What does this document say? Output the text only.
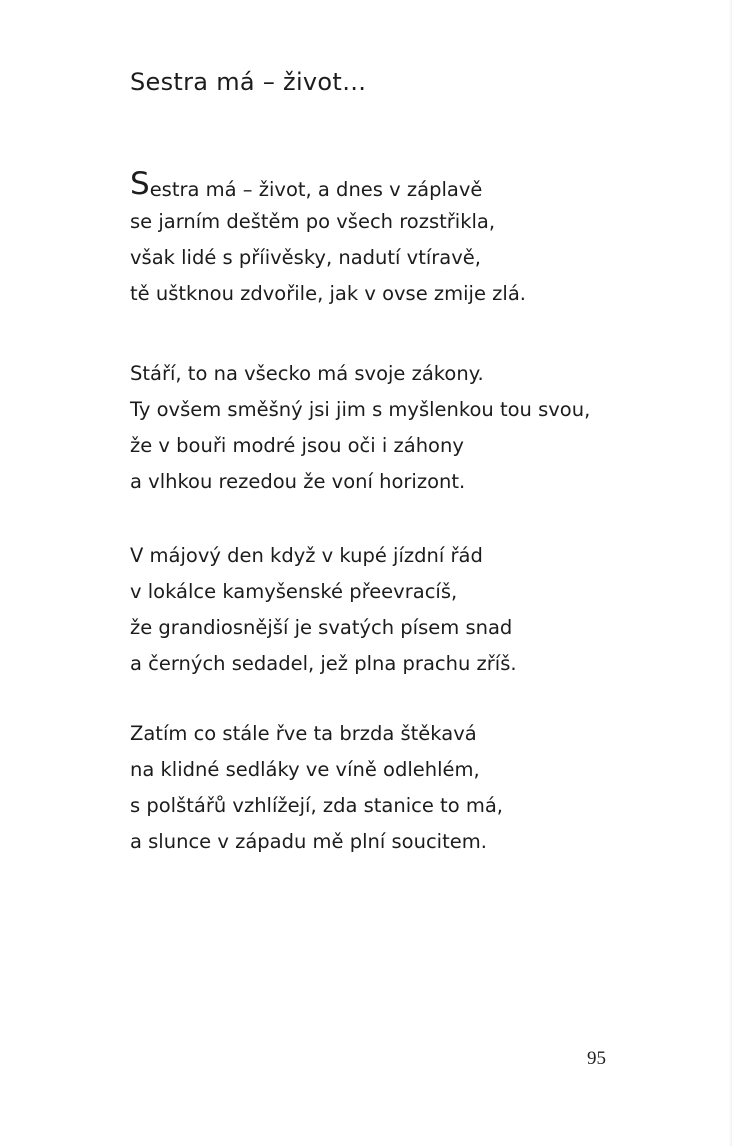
Sestra má – život…
Sestra má – život, a dnes v záplavě
se jarním deštěm po všech rozstřikla,
však lidé s příivěsky, nadutí vtíravě,
tě uštknou zdvořile, jak v ovse zmije zlá.
Stáří, to na všecko má svoje zákony.
Ty ovšem směšný jsi jim s myšlenkou tou svou,
že v bouři modré jsou oči i záhony
a vlhkou rezedou že voní horizont.
V májový den když v kupé jízdní řád
v lokálce kamyšenské přeevracíš,
že grandiosnější je svatých písem snad
a černých sedadel, jež plna prachu zříš.
Zatím co stále řve ta brzda štěkavá
na klidné sedláky ve víně odlehlém,
s polštářů vzhlížejí, zda stanice to má,
a slunce v západu mě plní soucitem.
95
